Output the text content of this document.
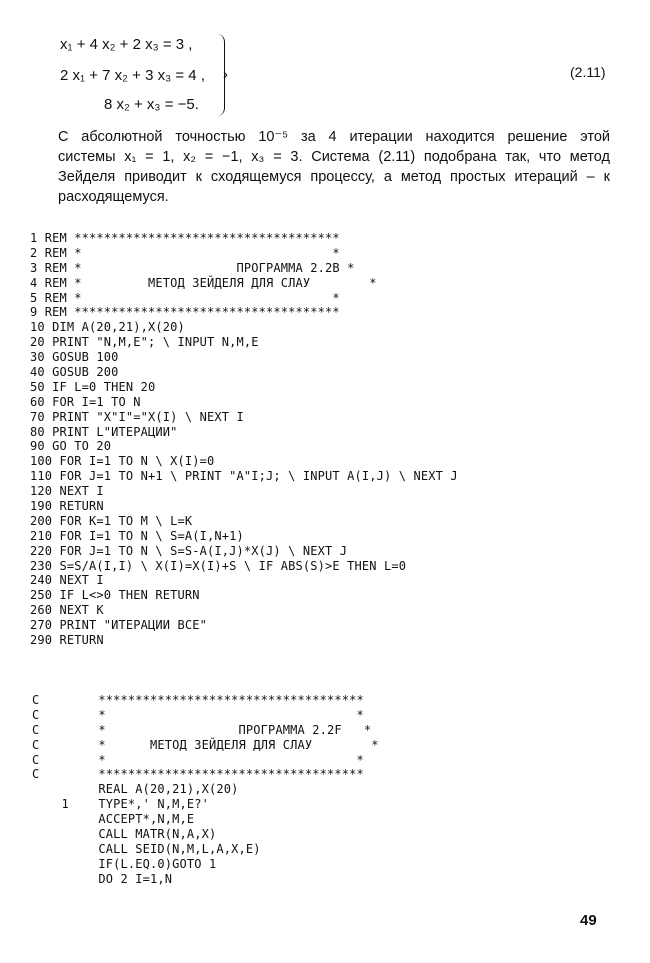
x₁ + 4 x₂ + 2 x₃ = 3 ,
2 x₁ + 7 x₂ + 3 x₃ = 4 ,
8 x₂ + x₃ = −5.
›	(2.11)
С абсолютной точностью 10⁻⁵ за 4 итерации находится решение этой
системы x₁ = 1, x₂ = −1, x₃ = 3. Система (2.11) подобрана так, что метод
Зейделя приводит к сходящемуся процессу, а метод простых итераций – к
расходящемуся.
1 REM ************************************
2 REM *                                  *
3 REM *                     ПРОГРАММА 2.2B *
4 REM *         МЕТОД ЗЕЙДЕЛЯ ДЛЯ СЛАУ        *
5 REM *                                  *
9 REM ************************************
10 DIM A(20,21),X(20)
20 PRINT "N,M,E"; \ INPUT N,M,E
30 GOSUB 100
40 GOSUB 200
50 IF L=0 THEN 20
60 FOR I=1 TO N
70 PRINT "X"I"="X(I) \ NEXT I
80 PRINT L"ИТЕРАЦИИ"
90 GO TO 20
100 FOR I=1 TO N \ X(I)=0
110 FOR J=1 TO N+1 \ PRINT "A"I;J; \ INPUT A(I,J) \ NEXT J
120 NEXT I
190 RETURN
200 FOR K=1 TO M \ L=K
210 FOR I=1 TO N \ S=A(I,N+1)
220 FOR J=1 TO N \ S=S-A(I,J)*X(J) \ NEXT J
230 S=S/A(I,I) \ X(I)=X(I)+S \ IF ABS(S)>E THEN L=0
240 NEXT I
250 IF L<>0 THEN RETURN
260 NEXT K
270 PRINT "ИТЕРАЦИИ ВСЕ"
290 RETURN
C        ************************************
C        *                                  *
C        *                  ПРОГРАММА 2.2F   *
C        *      МЕТОД ЗЕЙДЕЛЯ ДЛЯ СЛАУ        *
C        *                                  *
C        ************************************
REAL A(20,21),X(20)
1    TYPE*,' N,M,E?'
ACCEPT*,N,M,E
CALL MATR(N,A,X)
CALL SEID(N,M,L,A,X,E)
IF(L.EQ.0)GOTO 1
DO 2 I=1,N
49
